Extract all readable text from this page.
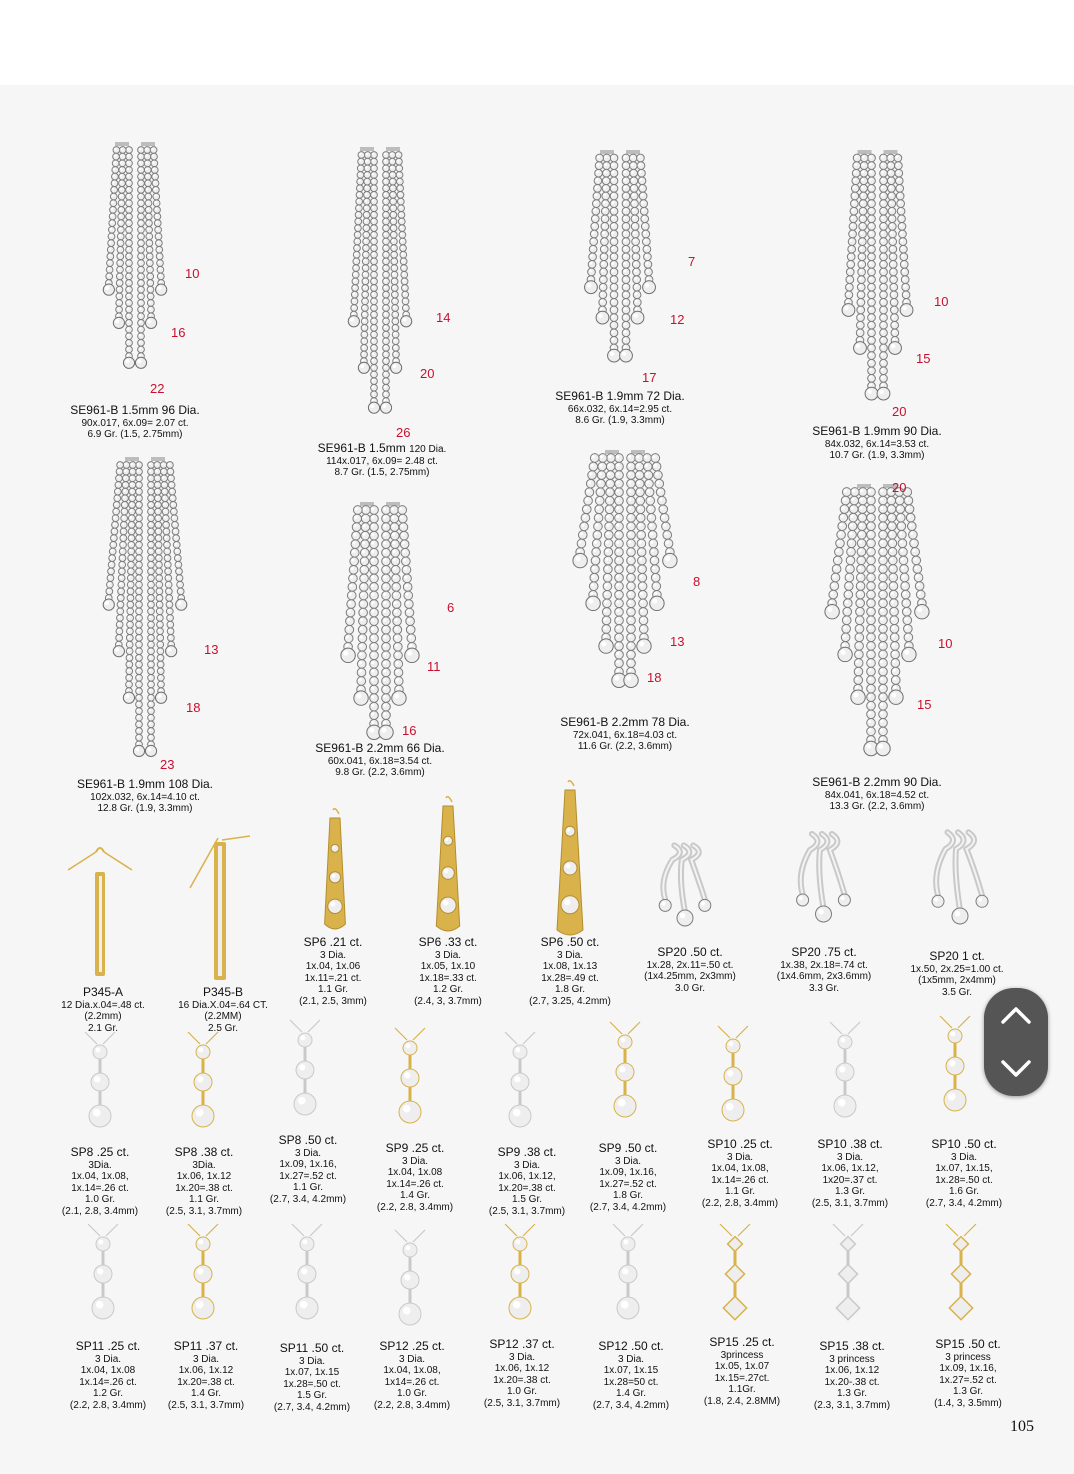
10
16
22
SE961-B 1.5mm 96 Dia.
90x.017, 6x.09= 2.07 ct.
6.9 Gr. (1.5, 2.75mm)
14
20
26
SE961-B 1.5mm 120 Dia.
114x.017, 6x.09= 2.48 ct.
8.7 Gr. (1.5, 2.75mm)
7
12
17
SE961-B 1.9mm 72 Dia.
66x.032, 6x.14=2.95 ct.
8.6 Gr. (1.9, 3.3mm)
10
15
20
SE961-B 1.9mm 90 Dia.
84x.032, 6x.14=3.53 ct.
10.7 Gr. (1.9, 3.3mm)
13
18
23
SE961-B 1.9mm 108 Dia.
102x.032, 6x.14=4.10 ct.
12.8 Gr. (1.9, 3.3mm)
6
11
16
SE961-B 2.2mm 66 Dia.
60x.041, 6x.18=3.54 ct.
9.8 Gr. (2.2, 3.6mm)
8
13
18
SE961-B 2.2mm 78 Dia.
72x.041, 6x.18=4.03 ct.
11.6 Gr. (2.2, 3.6mm)
10
15
20
SE961-B 2.2mm 90 Dia.
84x.041, 6x.18=4.52 ct.
13.3 Gr. (2.2, 3.6mm)
P345-A
12 Dia.x.04=.48 ct.
(2.2mm)
2.1 Gr.
P345-B
16 Dia.X.04=.64 CT.
(2.2MM)
2.5 Gr.
SP6 .21 ct.
3 Dia.
1x.04, 1x.06
1x.11=.21 ct.
1.1 Gr.
(2.1, 2.5, 3mm)
SP6 .33 ct.
3 Dia.
1x.05, 1x.10
1x.18=.33 ct.
1.2 Gr.
(2.4, 3, 3.7mm)
SP6 .50 ct.
3 Dia.
1x.08, 1x.13
1x.28=.49 ct.
1.8 Gr.
(2.7, 3.25, 4.2mm)
SP20 .50 ct.
1x.28, 2x.11=.50 ct.
(1x4.25mm, 2x3mm)
3.0 Gr.
SP20 .75 ct.
1x.38, 2x.18=.74 ct.
(1x4.6mm, 2x3.6mm)
3.3 Gr.
SP20 1 ct.
1x.50, 2x.25=1.00 ct.
(1x5mm, 2x4mm)
3.5 Gr.
SP8 .25 ct.
3Dia.
1x.04, 1x.08,
1x.14=.26 ct.
1.0 Gr.
(2.1, 2.8, 3.4mm)
SP8 .38 ct.
3Dia.
1x.06, 1x.12
1x.20=.38 ct.
1.1 Gr.
(2.5, 3.1, 3.7mm)
SP8 .50 ct.
3 Dia.
1x.09, 1x.16,
1x.27=.52 ct.
1.1 Gr.
(2.7, 3.4, 4.2mm)
SP9 .25 ct.
3 Dia.
1x.04, 1x.08
1x.14=.26 ct.
1.4 Gr.
(2.2, 2.8, 3.4mm)
SP9 .38 ct.
3 Dia.
1x.06, 1x.12,
1x.20=.38 ct.
1.5 Gr.
(2.5, 3.1, 3.7mm)
SP9 .50 ct.
3 Dia.
1x.09, 1x.16,
1x.27=.52 ct.
1.8 Gr.
(2.7, 3.4, 4.2mm)
SP10 .25 ct.
3 Dia.
1x.04, 1x.08,
1x.14=.26 ct.
1.1 Gr.
(2.2, 2.8, 3.4mm)
SP10 .38 ct.
3 Dia.
1x.06, 1x.12,
1x20=.37 ct.
1.3 Gr.
(2.5, 3.1, 3.7mm)
SP10 .50 ct.
3 Dia.
1x.07, 1x.15,
1x.28=.50 ct.
1.6 Gr.
(2.7, 3.4, 4.2mm)
SP11 .25 ct.
3 Dia.
1x.04, 1x.08
1x.14=.26 ct.
1.2 Gr.
(2.2, 2.8, 3.4mm)
SP11 .37 ct.
3 Dia.
1x.06, 1x.12
1x.20=.38 ct.
1.4 Gr.
(2.5, 3.1, 3.7mm)
SP11 .50 ct.
3 Dia.
1x.07, 1x.15
1x.28=.50 ct.
1.5 Gr.
(2.7, 3.4, 4.2mm)
SP12 .25 ct.
3 Dia.
1x.04, 1x.08,
1x14=.26 ct.
1.0 Gr.
(2.2, 2.8, 3.4mm)
SP12 .37 ct.
3 Dia.
1x.06, 1x.12
1x.20=.38 ct.
1.0 Gr.
(2.5, 3.1, 3.7mm)
SP12 .50 ct.
3 Dia.
1x.07, 1x.15
1x.28=50 ct.
1.4 Gr.
(2.7, 3.4, 4.2mm)
SP15 .25 ct.
3princess
1x.05, 1x.07
1x.15=.27ct.
1.1Gr.
(1.8, 2.4, 2.8MM)
SP15 .38 ct.
3 princess
1x.06, 1x.12
1x.20-.38 ct.
1.3 Gr.
(2.3, 3.1, 3.7mm)
SP15 .50 ct.
3 princess
1x.09, 1x.16,
1x.27=.52 ct.
1.3 Gr.
(1.4, 3, 3.5mm)
105
